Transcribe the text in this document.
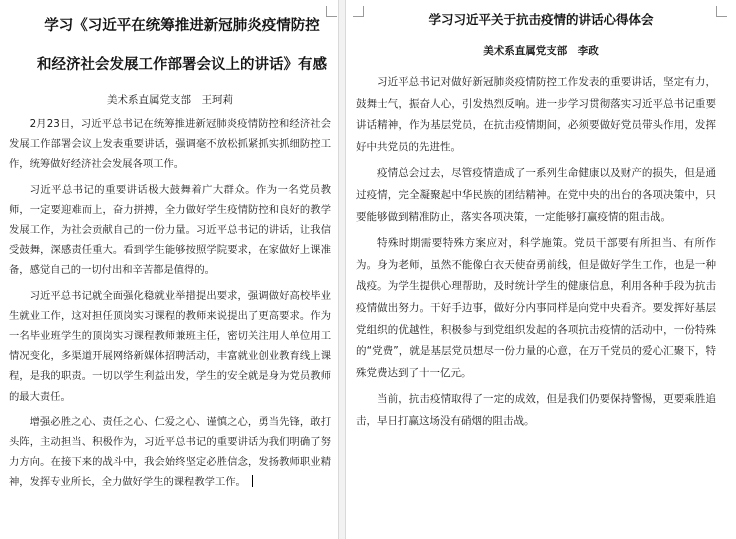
学习《习近平在统筹推进新冠肺炎疫情防控
和经济社会发展工作部署会议上的讲话》有感
美术系直属党支部　王珂莉

2月23日，习近平总书记在统筹推进新冠肺炎疫情防控和经济社会发展工作部署会议上发表重要讲话，强调毫不放松抓紧抓实抓细防控工作，统筹做好经济社会发展各项工作。

习近平总书记的重要讲话极大鼓舞着广大群众。作为一名党员教师，一定要迎难而上，奋力拼搏，全力做好学生疫情防控和良好的教学发展工作，为社会贡献自己的一份力量。习近平总书记的讲话，让我信受鼓舞，深感责任重大。看到学生能够按照学院要求，在家做好上课准备，感觉自己的一切付出和辛苦都是值得的。

习近平总书记就全面强化稳就业举措提出要求，强调做好高校毕业生就业工作，这对担任顶岗实习课程的教师来说提出了更高要求。作为一名毕业班学生的顶岗实习课程教师兼班主任，密切关注用人单位用工情况变化，多渠道开展网络新媒体招聘活动，丰富就业创业教育线上课程，是我的职责。一切以学生利益出发，学生的安全就是身为党员教师的最大责任。

增强必胜之心、责任之心、仁爱之心、谨慎之心，勇当先锋，敢打头阵，主动担当、积极作为，习近平总书记的重要讲话为我们明确了努力方向。在接下来的战斗中，我会始终坚定必胜信念，发扬教师职业精神，发挥专业所长，全力做好学生的课程教学工作。

学习习近平关于抗击疫情的讲话心得体会
美术系直属党支部　李政

习近平总书记对做好新冠肺炎疫情防控工作发表的重要讲话，坚定有力，鼓舞士气，振奋人心，引发热烈反响。进一步学习贯彻落实习近平总书记重要讲话精神，作为基层党员，在抗击疫情期间，必须要做好党员带头作用，发挥好中共党员的先进性。

疫情总会过去，尽管疫情造成了一系列生命健康以及财产的损失，但是通过疫情，完全凝聚起中华民族的团结精神。在党中央的出台的各项决策中，只要能够做到精准防止，落实各项决策，一定能够打赢疫情的阻击战。

特殊时期需要特殊方案应对，科学施策。党员干部要有所担当、有所作为。身为老师，虽然不能像白衣天使奋勇前线，但是做好学生工作，也是一种战疫。为学生提供心理帮助，及时统计学生的健康信息，利用各种手段为抗击疫情做出努力。干好手边事，做好分内事同样是向党中央看齐。要发挥好基层党组织的优越性，积极参与到党组织发起的各项抗击疫情的活动中，一份特殊的“党费”，就是基层党员想尽一份力量的心意，在万千党员的爱心汇聚下，特殊党费达到了十一亿元。

当前，抗击疫情取得了一定的成效，但是我们仍要保持警惕，更要乘胜追击，早日打赢这场没有硝烟的阻击战。
